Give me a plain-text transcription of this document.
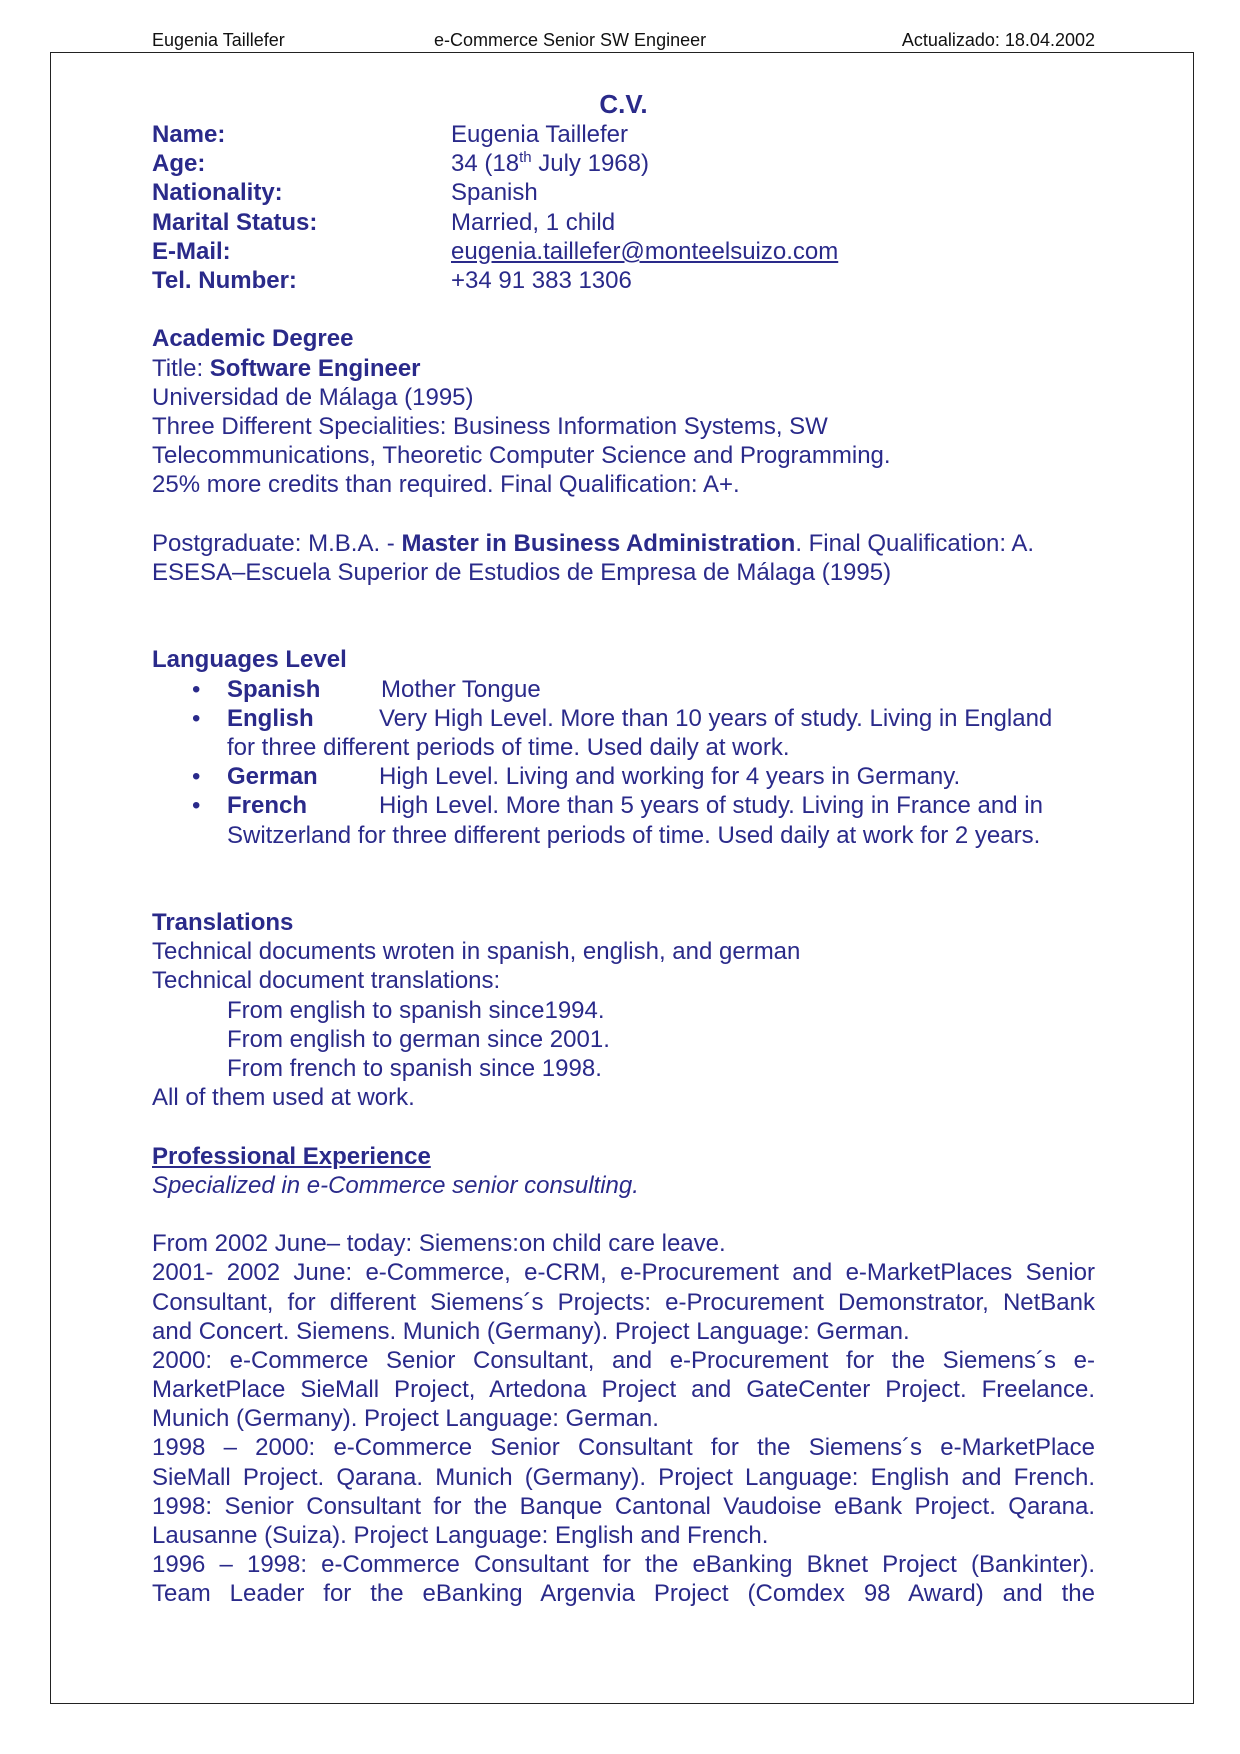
Eugenia Taillefer	e-Commerce Senior SW Engineer	Actualizado: 18.04.2002
C.V.
Name:	Eugenia Taillefer
Age:	34 (18th July 1968)
Nationality:	Spanish
Marital Status:	Married, 1 child
E-Mail:	eugenia.taillefer@monteelsuizo.com
Tel. Number:	+34 91 383 1306
Academic Degree
Title: Software Engineer
Universidad de Málaga (1995)
Three Different Specialities: Business Information Systems, SW
Telecommunications, Theoretic Computer Science and Programming.
25% more credits than required. Final Qualification: A+.
Postgraduate: M.B.A. - Master in Business Administration. Final Qualification: A.
ESESA–Escuela Superior de Estudios de Empresa de Málaga (1995)
Languages Level
• Spanish	Mother Tongue
• English	Very High Level. More than 10 years of study. Living in England
for three different periods of time. Used daily at work.
• German	High Level. Living and working for 4 years in Germany.
• French	High Level. More than 5 years of study. Living in France and in
Switzerland for three different periods of time. Used daily at work for 2 years.
Translations
Technical documents wroten in spanish, english, and german
Technical document translations:
From english to spanish since1994.
From english to german since 2001.
From french to spanish since 1998.
All of them used at work.
Professional Experience
Specialized in e-Commerce senior consulting.
From 2002 June– today: Siemens:on child care leave.
2001- 2002 June: e-Commerce, e-CRM, e-Procurement and e-MarketPlaces Senior
Consultant, for different Siemens´s Projects: e-Procurement Demonstrator, NetBank
and Concert. Siemens. Munich (Germany). Project Language: German.
2000: e-Commerce Senior Consultant, and e-Procurement for the Siemens´s e-
MarketPlace SieMall Project, Artedona Project and GateCenter Project. Freelance.
Munich (Germany). Project Language: German.
1998 – 2000: e-Commerce Senior Consultant for the Siemens´s e-MarketPlace
SieMall Project. Qarana. Munich (Germany). Project Language: English and French.
1998: Senior Consultant for the Banque Cantonal Vaudoise eBank Project. Qarana.
Lausanne (Suiza). Project Language: English and French.
1996 – 1998: e-Commerce Consultant for the eBanking Bknet Project (Bankinter).
Team Leader for the eBanking Argenvia Project (Comdex 98 Award) and the
